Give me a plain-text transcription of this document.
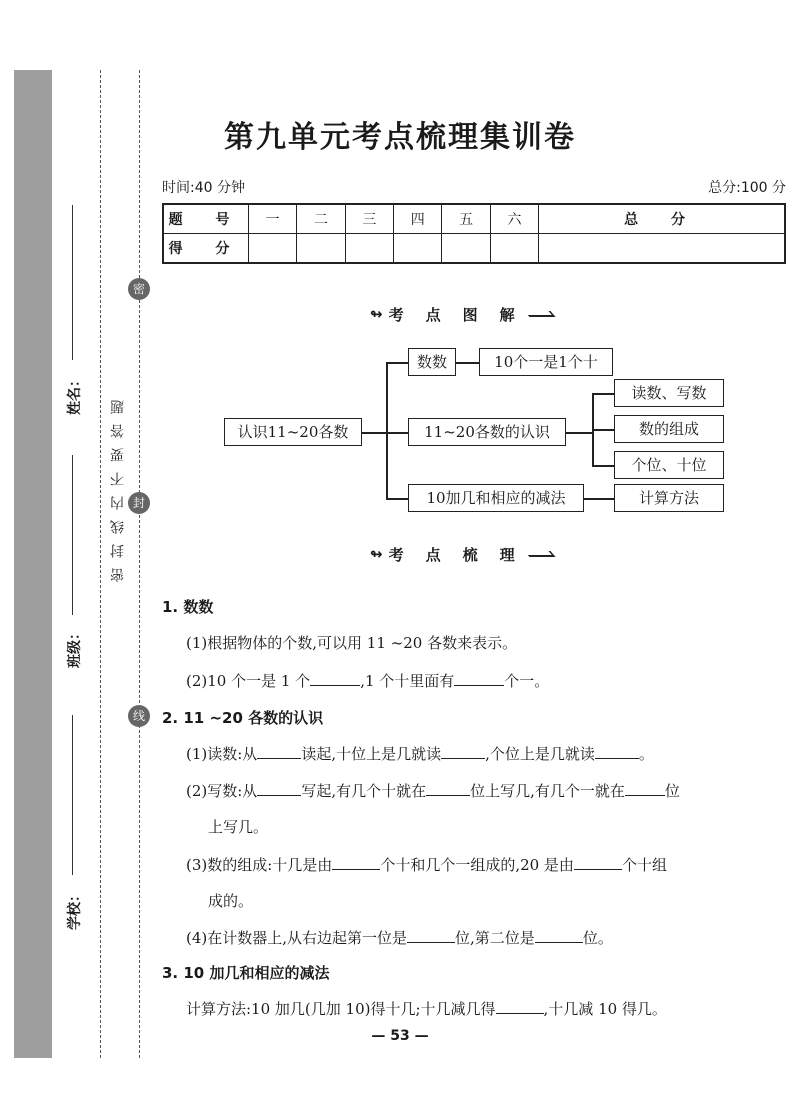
密
封
线
密封线内不要答题
姓名：
班级：
学校：
第九单元考点梳理集训卷
时间:40 分钟	总分:100 分
题 号	一	二	三	四	五	六	总 分
得 分							
↬ 考点图解
认识11~20各数
数数	10个一是1个十
11~20各数的认识
读数、写数
数的组成
个位、十位
10加几和相应的减法	计算方法
↬ 考点梳理
1. 数数
(1)根据物体的个数,可以用 11 ~20 各数来表示。
(2)10 个一是 1 个	,1 个十里面有	个一。
2. 11 ~20 各数的认识
(1)读数:从	读起,十位上是几就读	,个位上是几就读	。
(2)写数:从	写起,有几个十就在	位上写几,有几个一就在	位
上写几。
(3)数的组成:十几是由	个十和几个一组成的,20 是由	个十组
成的。
(4)在计数器上,从右边起第一位是	位,第二位是	位。
3. 10 加几和相应的减法
计算方法:10 加几(几加 10)得十几;十几减几得	,十几减 10 得几。
— 53 —
